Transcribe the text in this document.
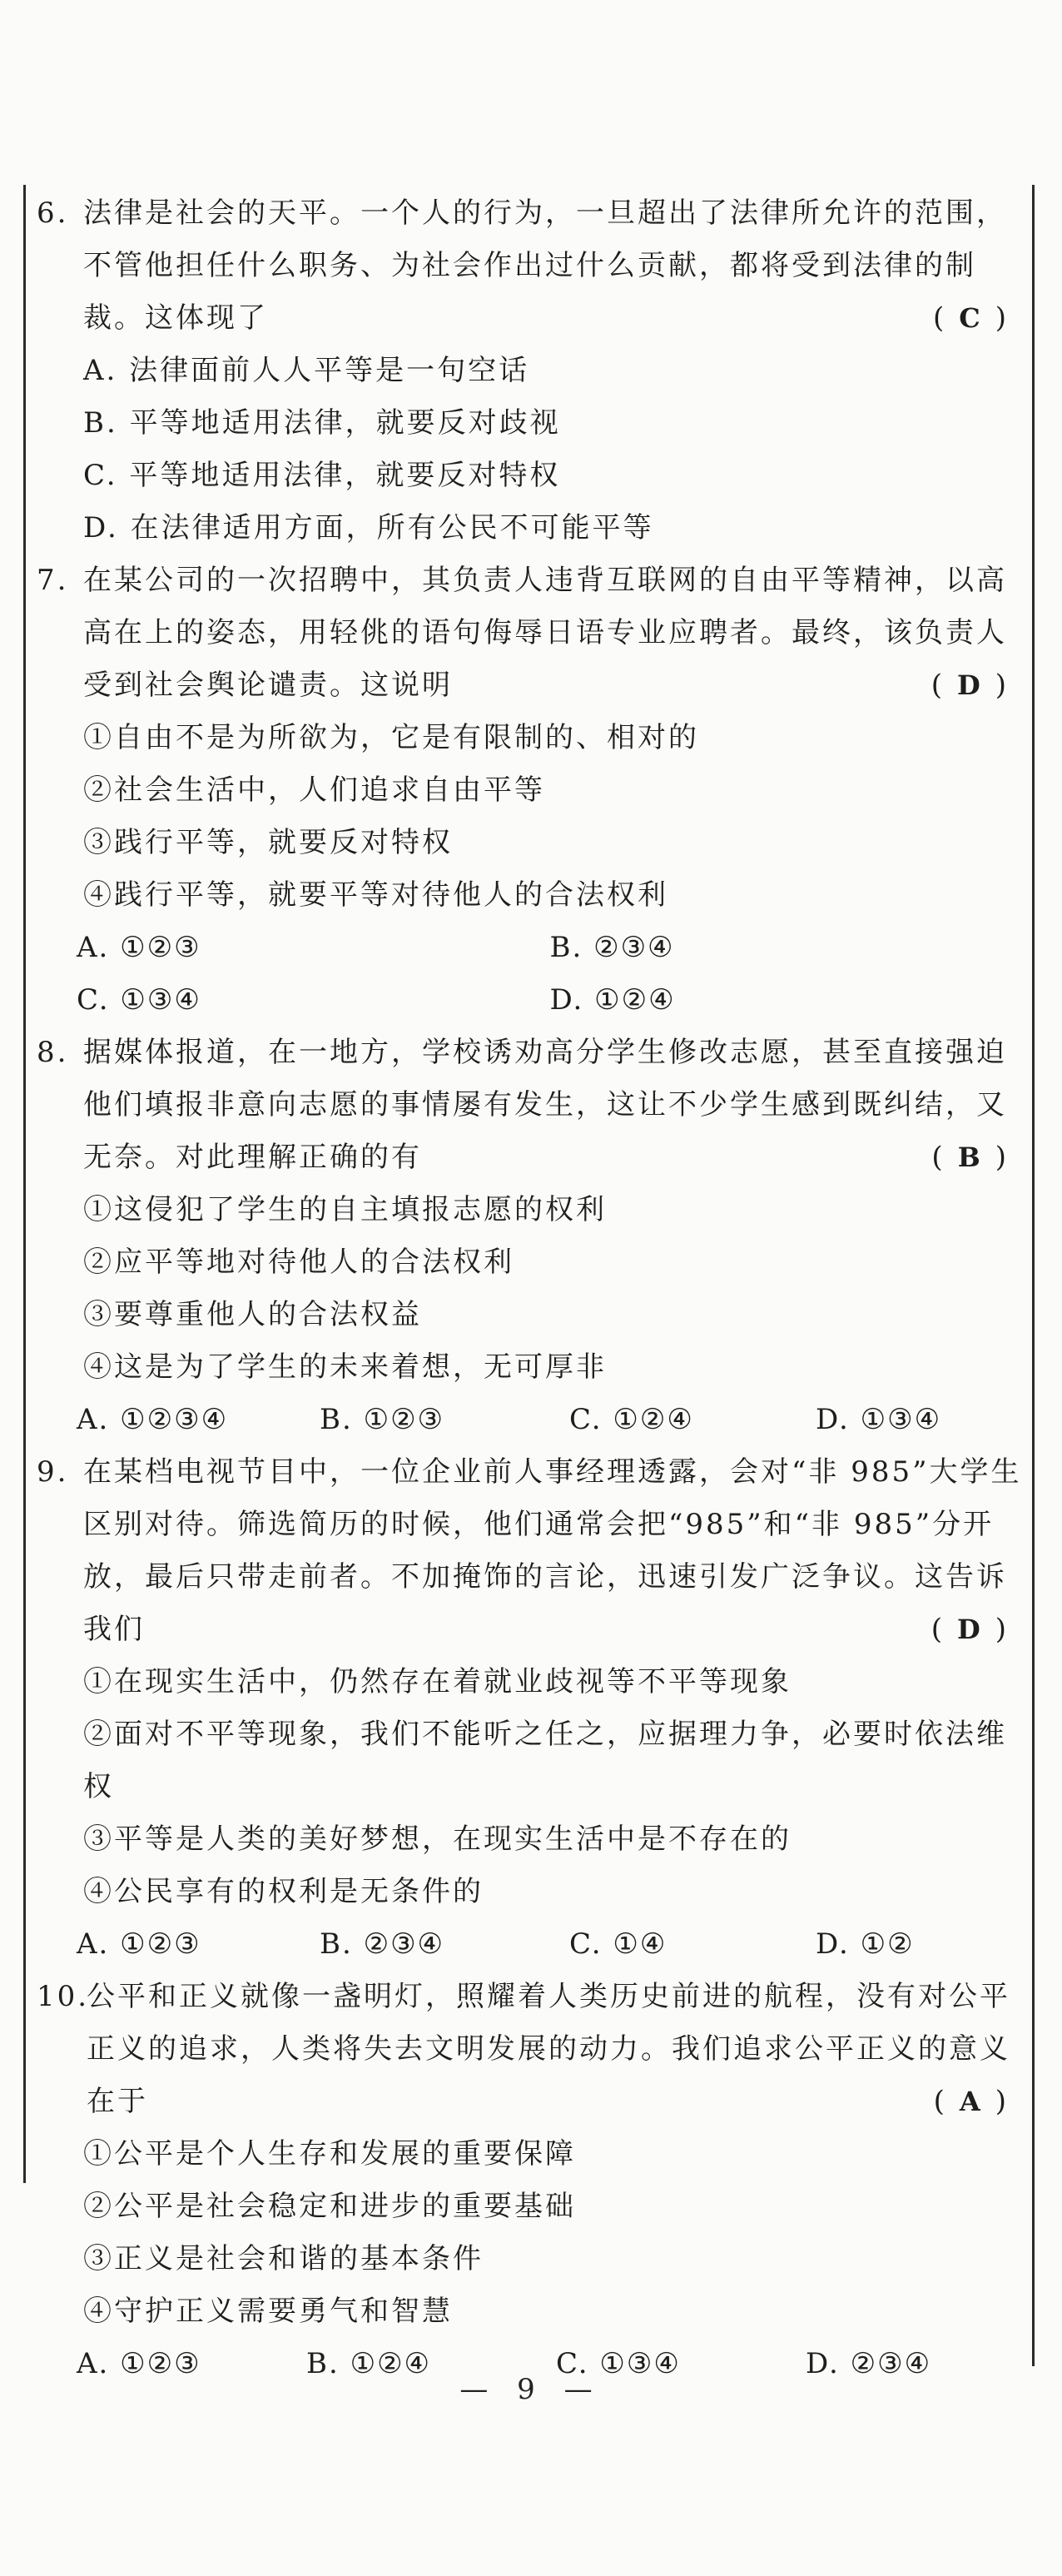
6. 法律是社会的天平。一个人的行为，一旦超出了法律所允许的范围，不管他担任什么职务、为社会作出过什么贡献，都将受到法律的制裁。这体现了	( C )
A. 法律面前人人平等是一句空话
B. 平等地适用法律，就要反对歧视
C. 平等地适用法律，就要反对特权
D. 在法律适用方面，所有公民不可能平等
7. 在某公司的一次招聘中，其负责人违背互联网的自由平等精神，以高高在上的姿态，用轻佻的语句侮辱日语专业应聘者。最终，该负责人受到社会舆论谴责。这说明	( D )
①自由不是为所欲为，它是有限制的、相对的
②社会生活中，人们追求自由平等
③践行平等，就要反对特权
④践行平等，就要平等对待他人的合法权利
A. ①②③	B. ②③④
C. ①③④	D. ①②④
8. 据媒体报道，在一地方，学校诱劝高分学生修改志愿，甚至直接强迫他们填报非意向志愿的事情屡有发生，这让不少学生感到既纠结，又无奈。对此理解正确的有	( B )
①这侵犯了学生的自主填报志愿的权利
②应平等地对待他人的合法权利
③要尊重他人的合法权益
④这是为了学生的未来着想，无可厚非
A. ①②③④	B. ①②③	C. ①②④	D. ①③④
9. 在某档电视节目中，一位企业前人事经理透露，会对“非 985”大学生区别对待。筛选简历的时候，他们通常会把“985”和“非 985”分开放，最后只带走前者。不加掩饰的言论，迅速引发广泛争议。这告诉我们	( D )
①在现实生活中，仍然存在着就业歧视等不平等现象
②面对不平等现象，我们不能听之任之，应据理力争，必要时依法维权
③平等是人类的美好梦想，在现实生活中是不存在的
④公民享有的权利是无条件的
A. ①②③	B. ②③④	C. ①④	D. ①②
10.公平和正义就像一盏明灯，照耀着人类历史前进的航程，没有对公平正义的追求，人类将失去文明发展的动力。我们追求公平正义的意义在于	( A )
①公平是个人生存和发展的重要保障
②公平是社会稳定和进步的重要基础
③正义是社会和谐的基本条件
④守护正义需要勇气和智慧
A. ①②③	B. ①②④	C. ①③④	D. ②③④
— 9 —
